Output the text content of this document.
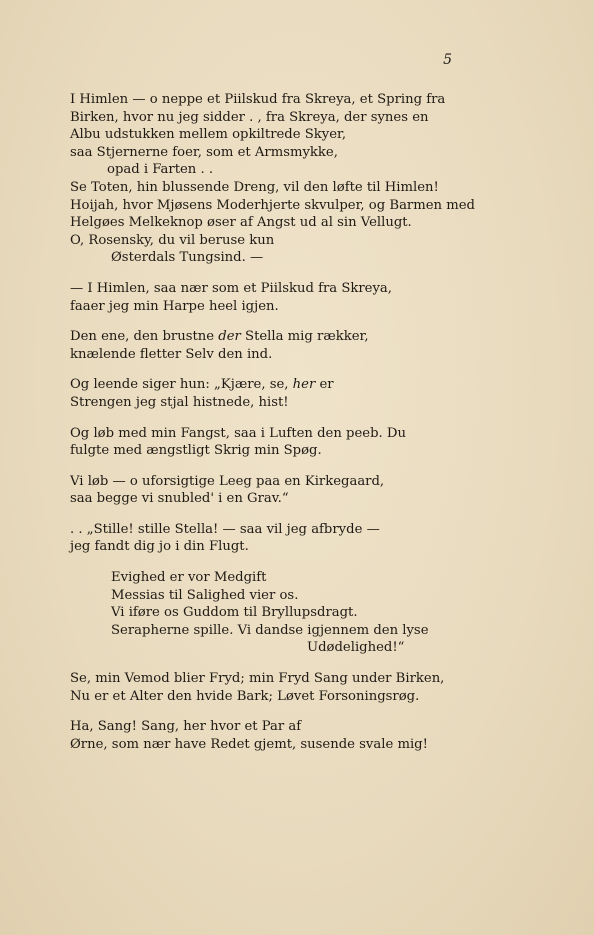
5
I Himlen — o neppe et Piilskud fra Skreya, et Spring fra
Birken, hvor nu jeg sidder . , fra Skreya, der synes en
Albu udstukken mellem opkiltrede Skyer,
saa Stjernerne foer, som et Armsmykke,
opad i Farten . .
Se Toten, hin blussende Dreng, vil den løfte til Himlen!
Hoijah, hvor Mjøsens Moderhjerte skvulper, og Barmen med
Helgøes Melkeknop øser af Angst ud al sin Vellugt.
O, Rosensky, du vil beruse kun
Østerdals Tungsind. —
— I Himlen, saa nær som et Piilskud fra Skreya,
faaer jeg min Harpe heel igjen.
Den ene, den brustne der Stella mig rækker,
knælende fletter Selv den ind.
Og leende siger hun: „Kjære, se, her er
Strengen jeg stjal histnede, hist!
Og løb med min Fangst, saa i Luften den peeb. Du
fulgte med ængstligt Skrig min Spøg.
Vi løb — o uforsigtige Leeg paa en Kirkegaard,
saa begge vi snubled' i en Grav.“
. . „Stille! stille Stella! — saa vil jeg afbryde —
jeg fandt dig jo i din Flugt.
Evighed er vor Medgift
Messias til Salighed vier os.
Vi iføre os Guddom til Bryllupsdragt.
Serapherne spille. Vi dandse igjennem den lyse
Udødelighed!“
Se, min Vemod blier Fryd; min Fryd Sang under Birken,
Nu er et Alter den hvide Bark; Løvet Forsoningsrøg.
Ha, Sang! Sang, her hvor et Par af
Ørne, som nær have Redet gjemt, susende svale mig!
